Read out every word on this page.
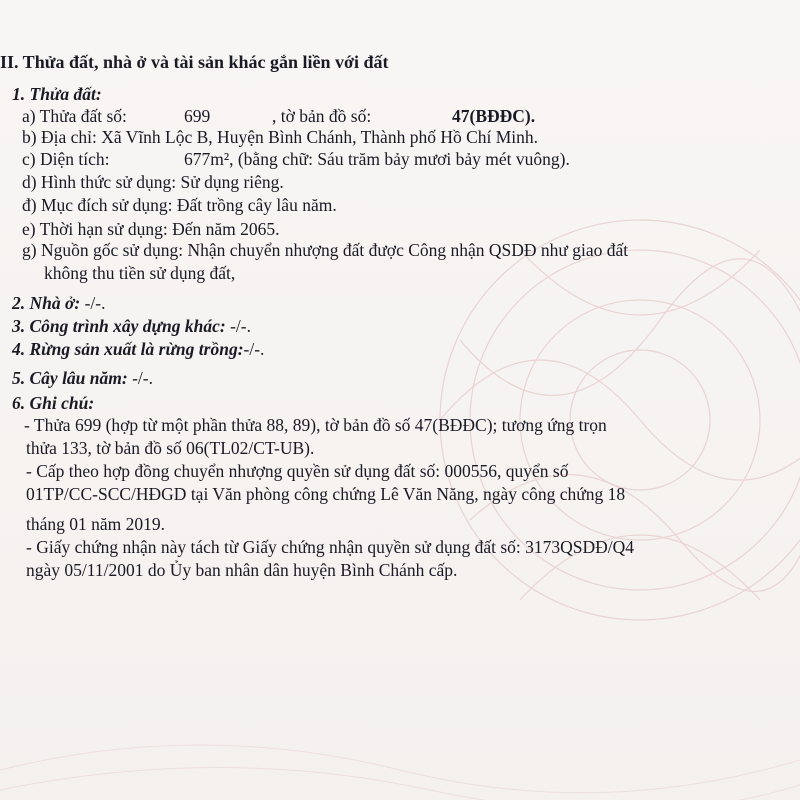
II. Thửa đất, nhà ở và tài sản khác gắn liền với đất
1. Thửa đất:
a) Thửa đất số:	699	, tờ bản đồ số:	47(BĐĐC).
b) Địa chỉ: Xã Vĩnh Lộc B, Huyện Bình Chánh, Thành phố Hồ Chí Minh.
c) Diện tích:	677m², (bằng chữ: Sáu trăm bảy mươi bảy mét vuông).
d) Hình thức sử dụng: Sử dụng riêng.
đ) Mục đích sử dụng: Đất trồng cây lâu năm.
e) Thời hạn sử dụng: Đến năm 2065.
g) Nguồn gốc sử dụng: Nhận chuyển nhượng đất được Công nhận QSDĐ như giao đất
không thu tiền sử dụng đất,
2. Nhà ở: -/-.
3. Công trình xây dựng khác: -/-.
4. Rừng sản xuất là rừng trồng:-/-.
5. Cây lâu năm: -/-.
6. Ghi chú:
- Thửa 699 (hợp từ một phần thửa 88, 89), tờ bản đồ số 47(BĐĐC); tương ứng trọn
thửa 133, tờ bản đồ số 06(TL02/CT-UB).
- Cấp theo hợp đồng chuyển nhượng quyền sử dụng đất số: 000556, quyển số
01TP/CC-SCC/HĐGD tại Văn phòng công chứng Lê Văn Năng, ngày công chứng 18
tháng 01 năm 2019.
- Giấy chứng nhận này tách từ Giấy chứng nhận quyền sử dụng đất số: 3173QSDĐ/Q4
ngày 05/11/2001 do Ủy ban nhân dân huyện Bình Chánh cấp.
